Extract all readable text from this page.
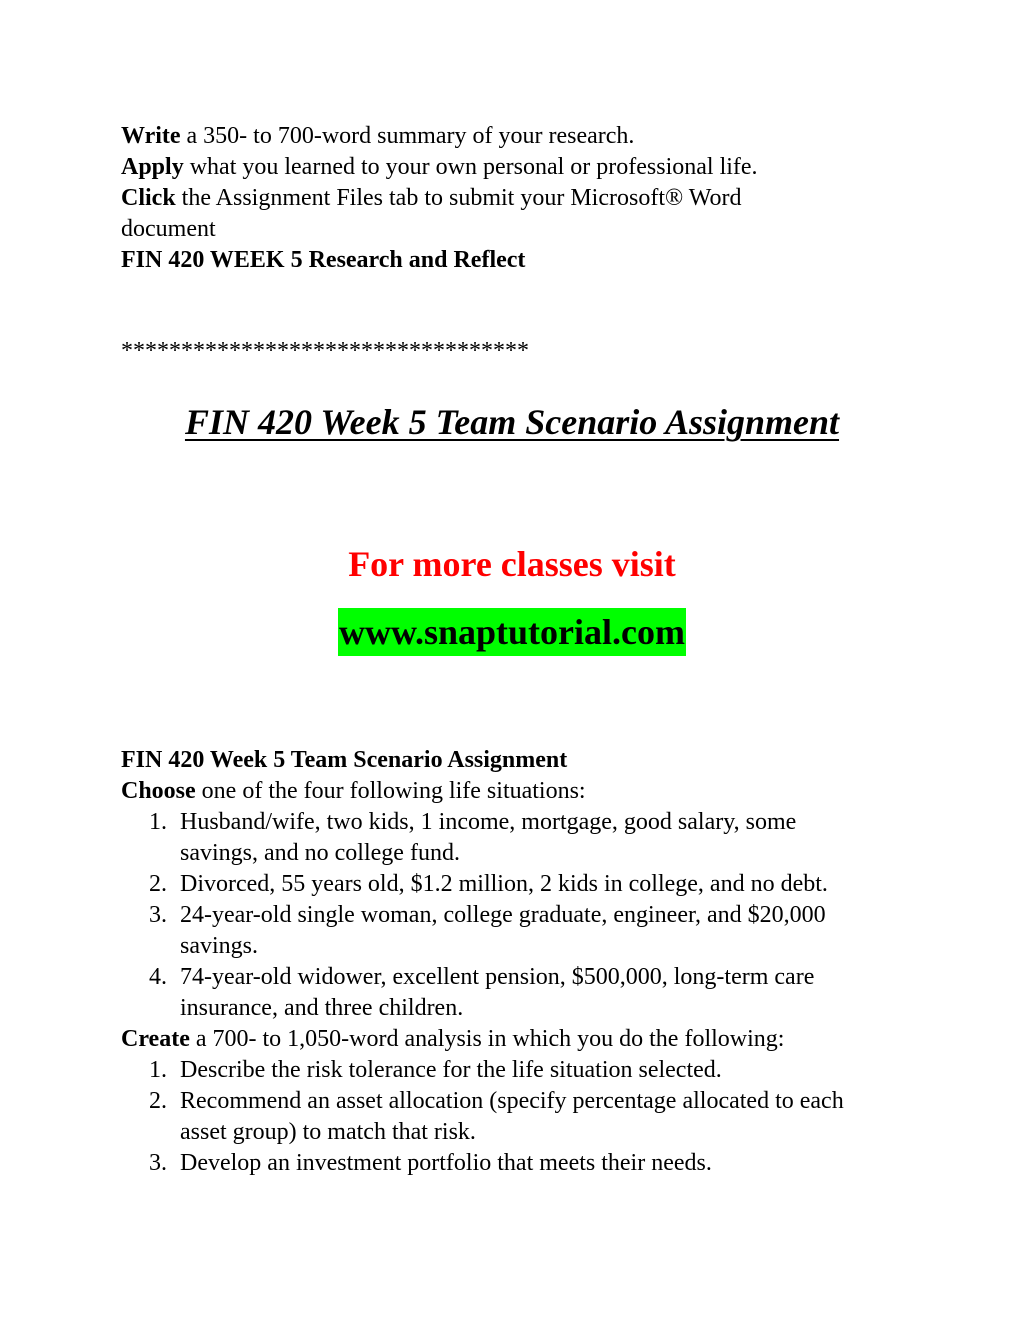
Write a 350- to 700-word summary of your research.
Apply what you learned to your own personal or professional life.
Click the Assignment Files tab to submit your Microsoft® Word
document
FIN 420 WEEK 5 Research and Reflect
**********************************
FIN 420 Week 5 Team Scenario Assignment
For more classes visit
www.snaptutorial.com
FIN 420 Week 5 Team Scenario Assignment
Choose one of the four following life situations:
1. Husband/wife, two kids, 1 income, mortgage, good salary, some savings, and no college fund.
2. Divorced, 55 years old, $1.2 million, 2 kids in college, and no debt.
3. 24-year-old single woman, college graduate, engineer, and $20,000 savings.
4. 74-year-old widower, excellent pension, $500,000, long-term care insurance, and three children.
Create a 700- to 1,050-word analysis in which you do the following:
1. Describe the risk tolerance for the life situation selected.
2. Recommend an asset allocation (specify percentage allocated to each asset group) to match that risk.
3. Develop an investment portfolio that meets their needs.
